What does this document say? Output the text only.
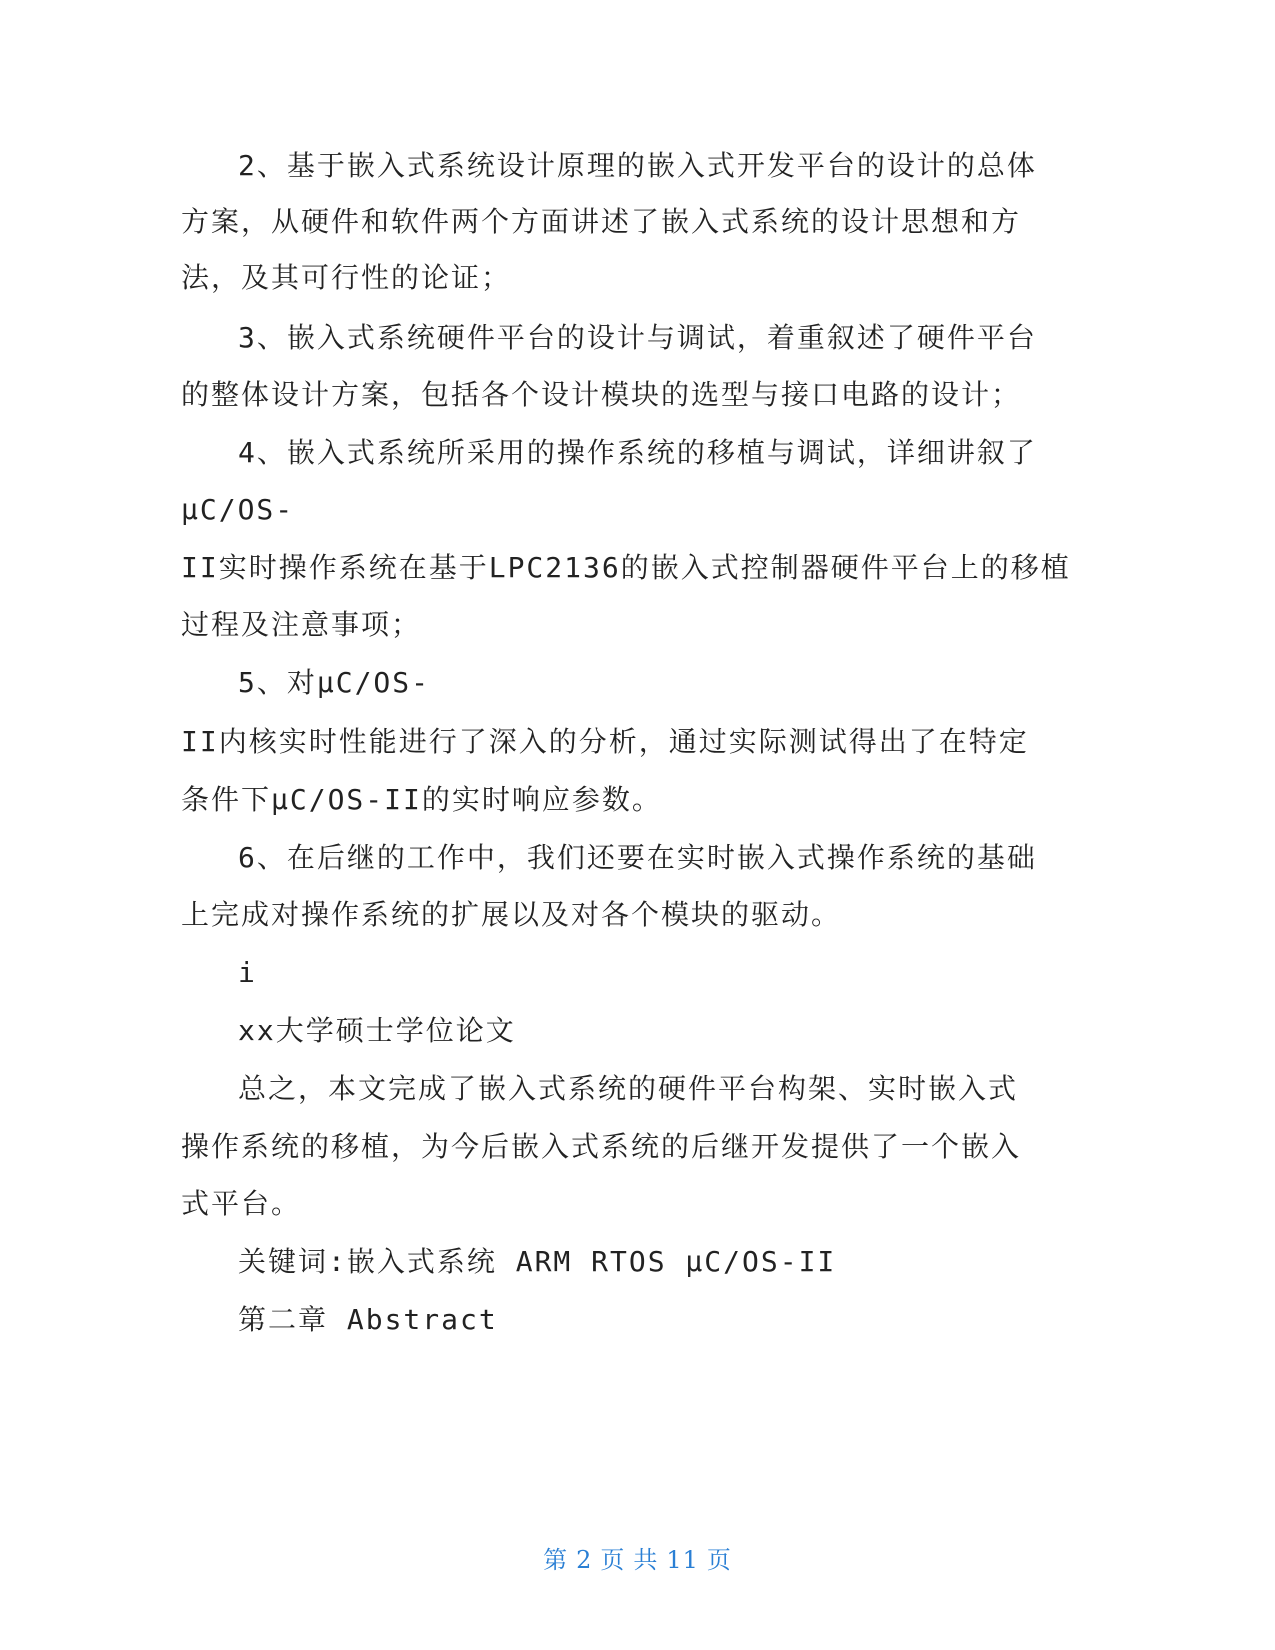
2、基于嵌入式系统设计原理的嵌入式开发平台的设计的总体
方案，从硬件和软件两个方面讲述了嵌入式系统的设计思想和方
法，及其可行性的论证；
3、嵌入式系统硬件平台的设计与调试，着重叙述了硬件平台
的整体设计方案，包括各个设计模块的选型与接口电路的设计；
4、嵌入式系统所采用的操作系统的移植与调试，详细讲叙了
μC/OS-
II实时操作系统在基于LPC2136的嵌入式控制器硬件平台上的移植
过程及注意事项；
5、对μC/OS-
II内核实时性能进行了深入的分析，通过实际测试得出了在特定
条件下μC/OS-II的实时响应参数。
6、在后继的工作中，我们还要在实时嵌入式操作系统的基础
上完成对操作系统的扩展以及对各个模块的驱动。
i
xx大学硕士学位论文
总之，本文完成了嵌入式系统的硬件平台构架、实时嵌入式
操作系统的移植，为今后嵌入式系统的后继开发提供了一个嵌入
式平台。
关键词:嵌入式系统 ARM RTOS μC/OS-II
第二章 Abstract
第 2 页 共 11 页
